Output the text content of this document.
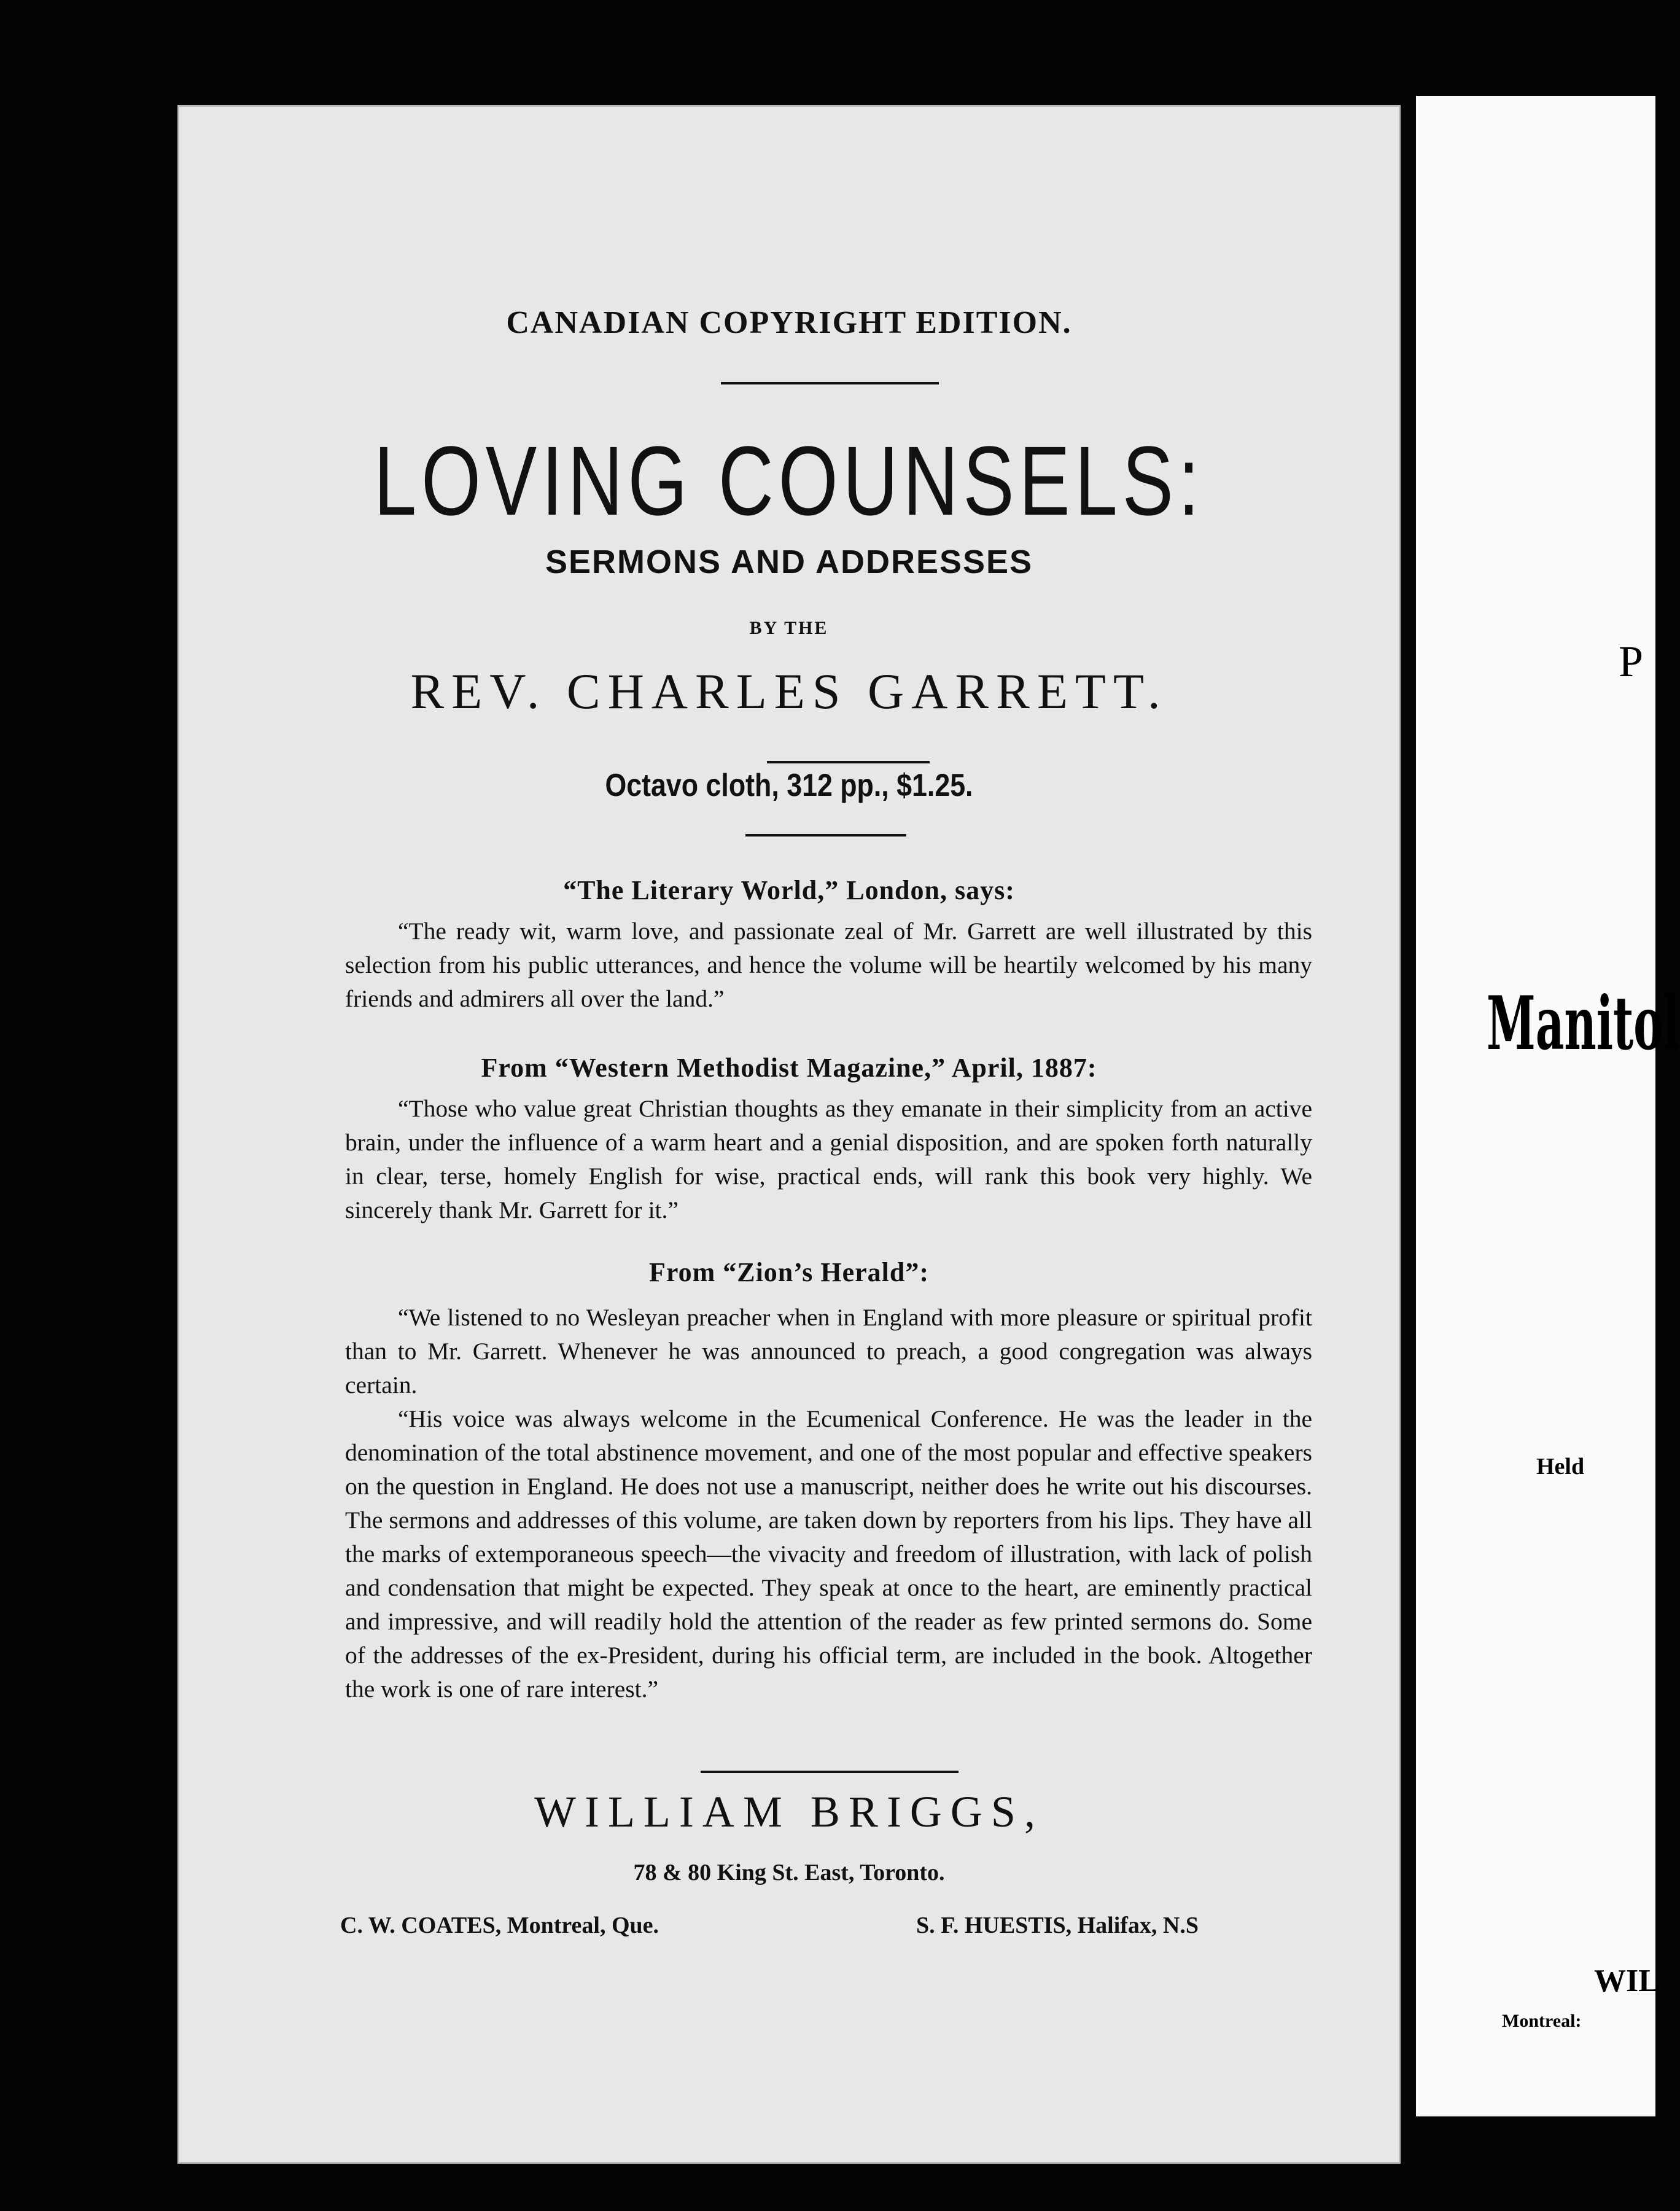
CANADIAN COPYRIGHT EDITION.
LOVING COUNSELS:
SERMONS AND ADDRESSES
BY THE
REV. CHARLES GARRETT.
Octavo cloth, 312 pp., $1.25.
“The Literary World,” London, says:

“The ready wit, warm love, and passionate zeal of Mr. Garrett are well illustrated by this selection from his public utterances, and hence the volume will be heartily welcomed by his many friends and admirers all over the land.”

From “Western Methodist Magazine,” April, 1887:

“Those who value great Christian thoughts as they emanate in their simplicity from an active brain, under the influence of a warm heart and a genial disposition, and are spoken forth naturally in clear, terse, homely English for wise, practical ends, will rank this book very highly. We sincerely thank Mr. Garrett for it.”

From “Zion’s Herald”:

“We listened to no Wesleyan preacher when in England with more pleasure or spiritual profit than to Mr. Garrett. Whenever he was announced to preach, a good congregation was always certain.

“His voice was always welcome in the Ecumenical Conference. He was the leader in the denomination of the total abstinence movement, and one of the most popular and effective speakers on the question in England. He does not use a manuscript, neither does he write out his discourses. The sermons and addresses of this volume, are taken down by reporters from his lips. They have all the marks of extemporaneous speech—the vivacity and freedom of illustration, with lack of polish and condensation that might be expected. They speak at once to the heart, are eminently practical and impressive, and will readily hold the attention of the reader as few printed sermons do. Some of the addresses of the ex-President, during his official term, are included in the book. Altogether the work is one of rare interest.”

WILLIAM BRIGGS,
78 & 80 King St. East, Toronto.
C. W. COATES, Montreal, Que.	S. F. HUESTIS, Halifax, N.S
P
Manitol
Held
WIL
Montreal:
